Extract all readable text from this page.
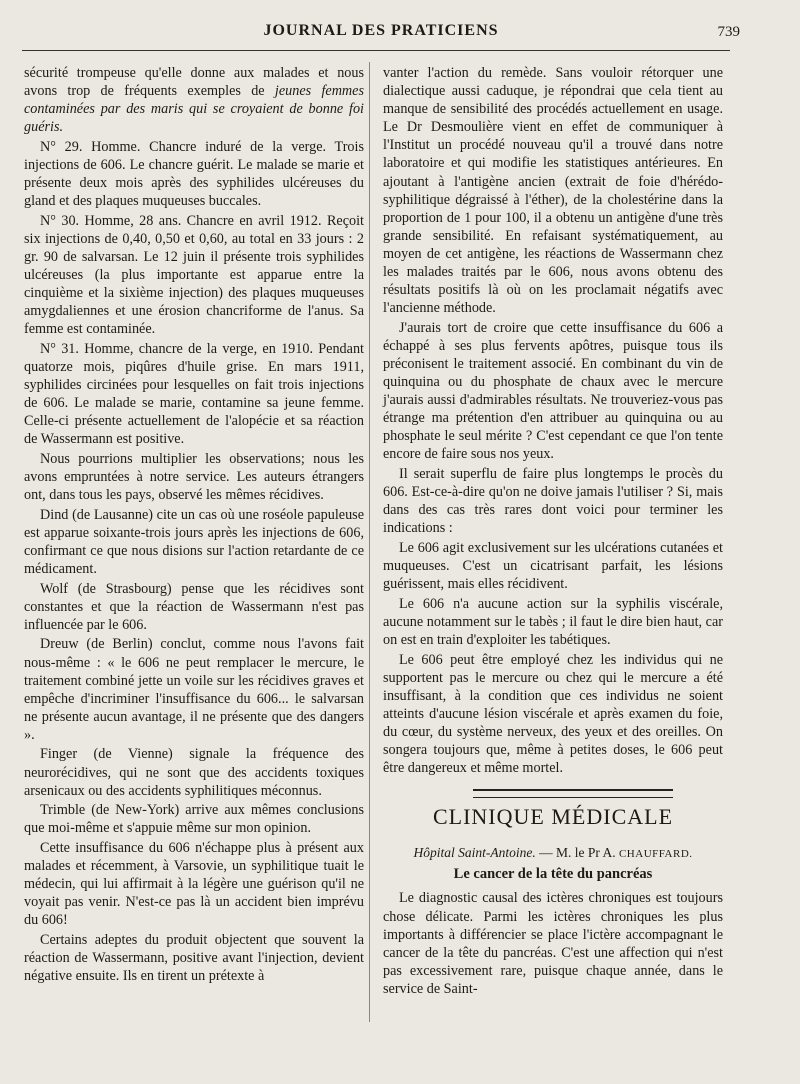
JOURNAL DES PRATICIENS	739

sécurité trompeuse qu'elle donne aux malades et nous avons trop de fréquents exemples de jeunes femmes contaminées par des maris qui se croyaient de bonne foi guéris.

N° 29. Homme. Chancre induré de la verge. Trois injections de 606. Le chancre guérit. Le malade se marie et présente deux mois après des syphilides ulcéreuses du gland et des plaques muqueuses buccales.

N° 30. Homme, 28 ans. Chancre en avril 1912. Reçoit six injections de 0,40, 0,50 et 0,60, au total en 33 jours : 2 gr. 90 de salvarsan. Le 12 juin il présente trois syphilides ulcéreuses (la plus importante est apparue entre la cinquième et la sixième injection) des plaques muqueuses amygdaliennes et une érosion chancriforme de l'anus. Sa femme est contaminée.

N° 31. Homme, chancre de la verge, en 1910. Pendant quatorze mois, piqûres d'huile grise. En mars 1911, syphilides circinées pour lesquelles on fait trois injections de 606. Le malade se marie, contamine sa jeune femme. Celle-ci présente actuellement de l'alopécie et sa réaction de Wassermann est positive.

Nous pourrions multiplier les observations; nous les avons empruntées à notre service. Les auteurs étrangers ont, dans tous les pays, observé les mêmes récidives.

Dind (de Lausanne) cite un cas où une roséole papuleuse est apparue soixante-trois jours après les injections de 606, confirmant ce que nous disions sur l'action retardante de ce médicament.

Wolf (de Strasbourg) pense que les récidives sont constantes et que la réaction de Wassermann n'est pas influencée par le 606.

Dreuw (de Berlin) conclut, comme nous l'avons fait nous-même : « le 606 ne peut remplacer le mercure, le traitement combiné jette un voile sur les récidives graves et empêche d'incriminer l'insuffisance du 606... le salvarsan ne présente aucun avantage, il ne présente que des dangers ».

Finger (de Vienne) signale la fréquence des neurorécidives, qui ne sont que des accidents toxiques arsenicaux ou des accidents syphilitiques méconnus.

Trimble (de New-York) arrive aux mêmes conclusions que moi-même et s'appuie même sur mon opinion.

Cette insuffisance du 606 n'échappe plus à présent aux malades et récemment, à Varsovie, un syphilitique tuait le médecin, qui lui affirmait à la légère une guérison qu'il ne voyait pas venir. N'est-ce pas là un accident bien imprévu du 606!

Certains adeptes du produit objectent que souvent la réaction de Wassermann, positive avant l'injection, devient négative ensuite. Ils en tirent un prétexte à

vanter l'action du remède. Sans vouloir rétorquer une dialectique aussi caduque, je répondrai que cela tient au manque de sensibilité des procédés actuellement en usage. Le Dr Desmoulière vient en effet de communiquer à l'Institut un procédé nouveau qu'il a trouvé dans notre laboratoire et qui modifie les statistiques antérieures. En ajoutant à l'antigène ancien (extrait de foie d'hérédo-syphilitique dégraissé à l'éther), de la cholestérine dans la proportion de 1 pour 100, il a obtenu un antigène d'une très grande sensibilité. En refaisant systématiquement, au moyen de cet antigène, les réactions de Wassermann chez les malades traités par le 606, nous avons obtenu des résultats positifs là où on les proclamait négatifs avec l'ancienne méthode.

J'aurais tort de croire que cette insuffisance du 606 a échappé à ses plus fervents apôtres, puisque tous ils préconisent le traitement associé. En combinant du vin de quinquina ou du phosphate de chaux avec le mercure j'aurais aussi d'admirables résultats. Ne trouveriez-vous pas étrange ma prétention d'en attribuer au quinquina ou au phosphate le seul mérite ? C'est cependant ce que l'on tente encore de faire sous nos yeux.

Il serait superflu de faire plus longtemps le procès du 606. Est-ce-à-dire qu'on ne doive jamais l'utiliser ? Si, mais dans des cas très rares dont voici pour terminer les indications :

Le 606 agit exclusivement sur les ulcérations cutanées et muqueuses. C'est un cicatrisant parfait, les lésions guérissent, mais elles récidivent.

Le 606 n'a aucune action sur la syphilis viscérale, aucune notamment sur le tabès ; il faut le dire bien haut, car on est en train d'exploiter les tabétiques.

Le 606 peut être employé chez les individus qui ne supportent pas le mercure ou chez qui le mercure a été insuffisant, à la condition que ces individus ne soient atteints d'aucune lésion viscérale et après examen du foie, du cœur, du système nerveux, des yeux et des oreilles. On songera toujours que, même à petites doses, le 606 peut être dangereux et même mortel.

CLINIQUE MÉDICALE
Hôpital Saint-Antoine. — M. le Pr A. CHAUFFARD.
Le cancer de la tête du pancréas

Le diagnostic causal des ictères chroniques est toujours chose délicate. Parmi les ictères chroniques les plus importants à différencier se place l'ictère accompagnant le cancer de la tête du pancréas. C'est une affection qui n'est pas excessivement rare, puisque chaque année, dans le service de Saint-
